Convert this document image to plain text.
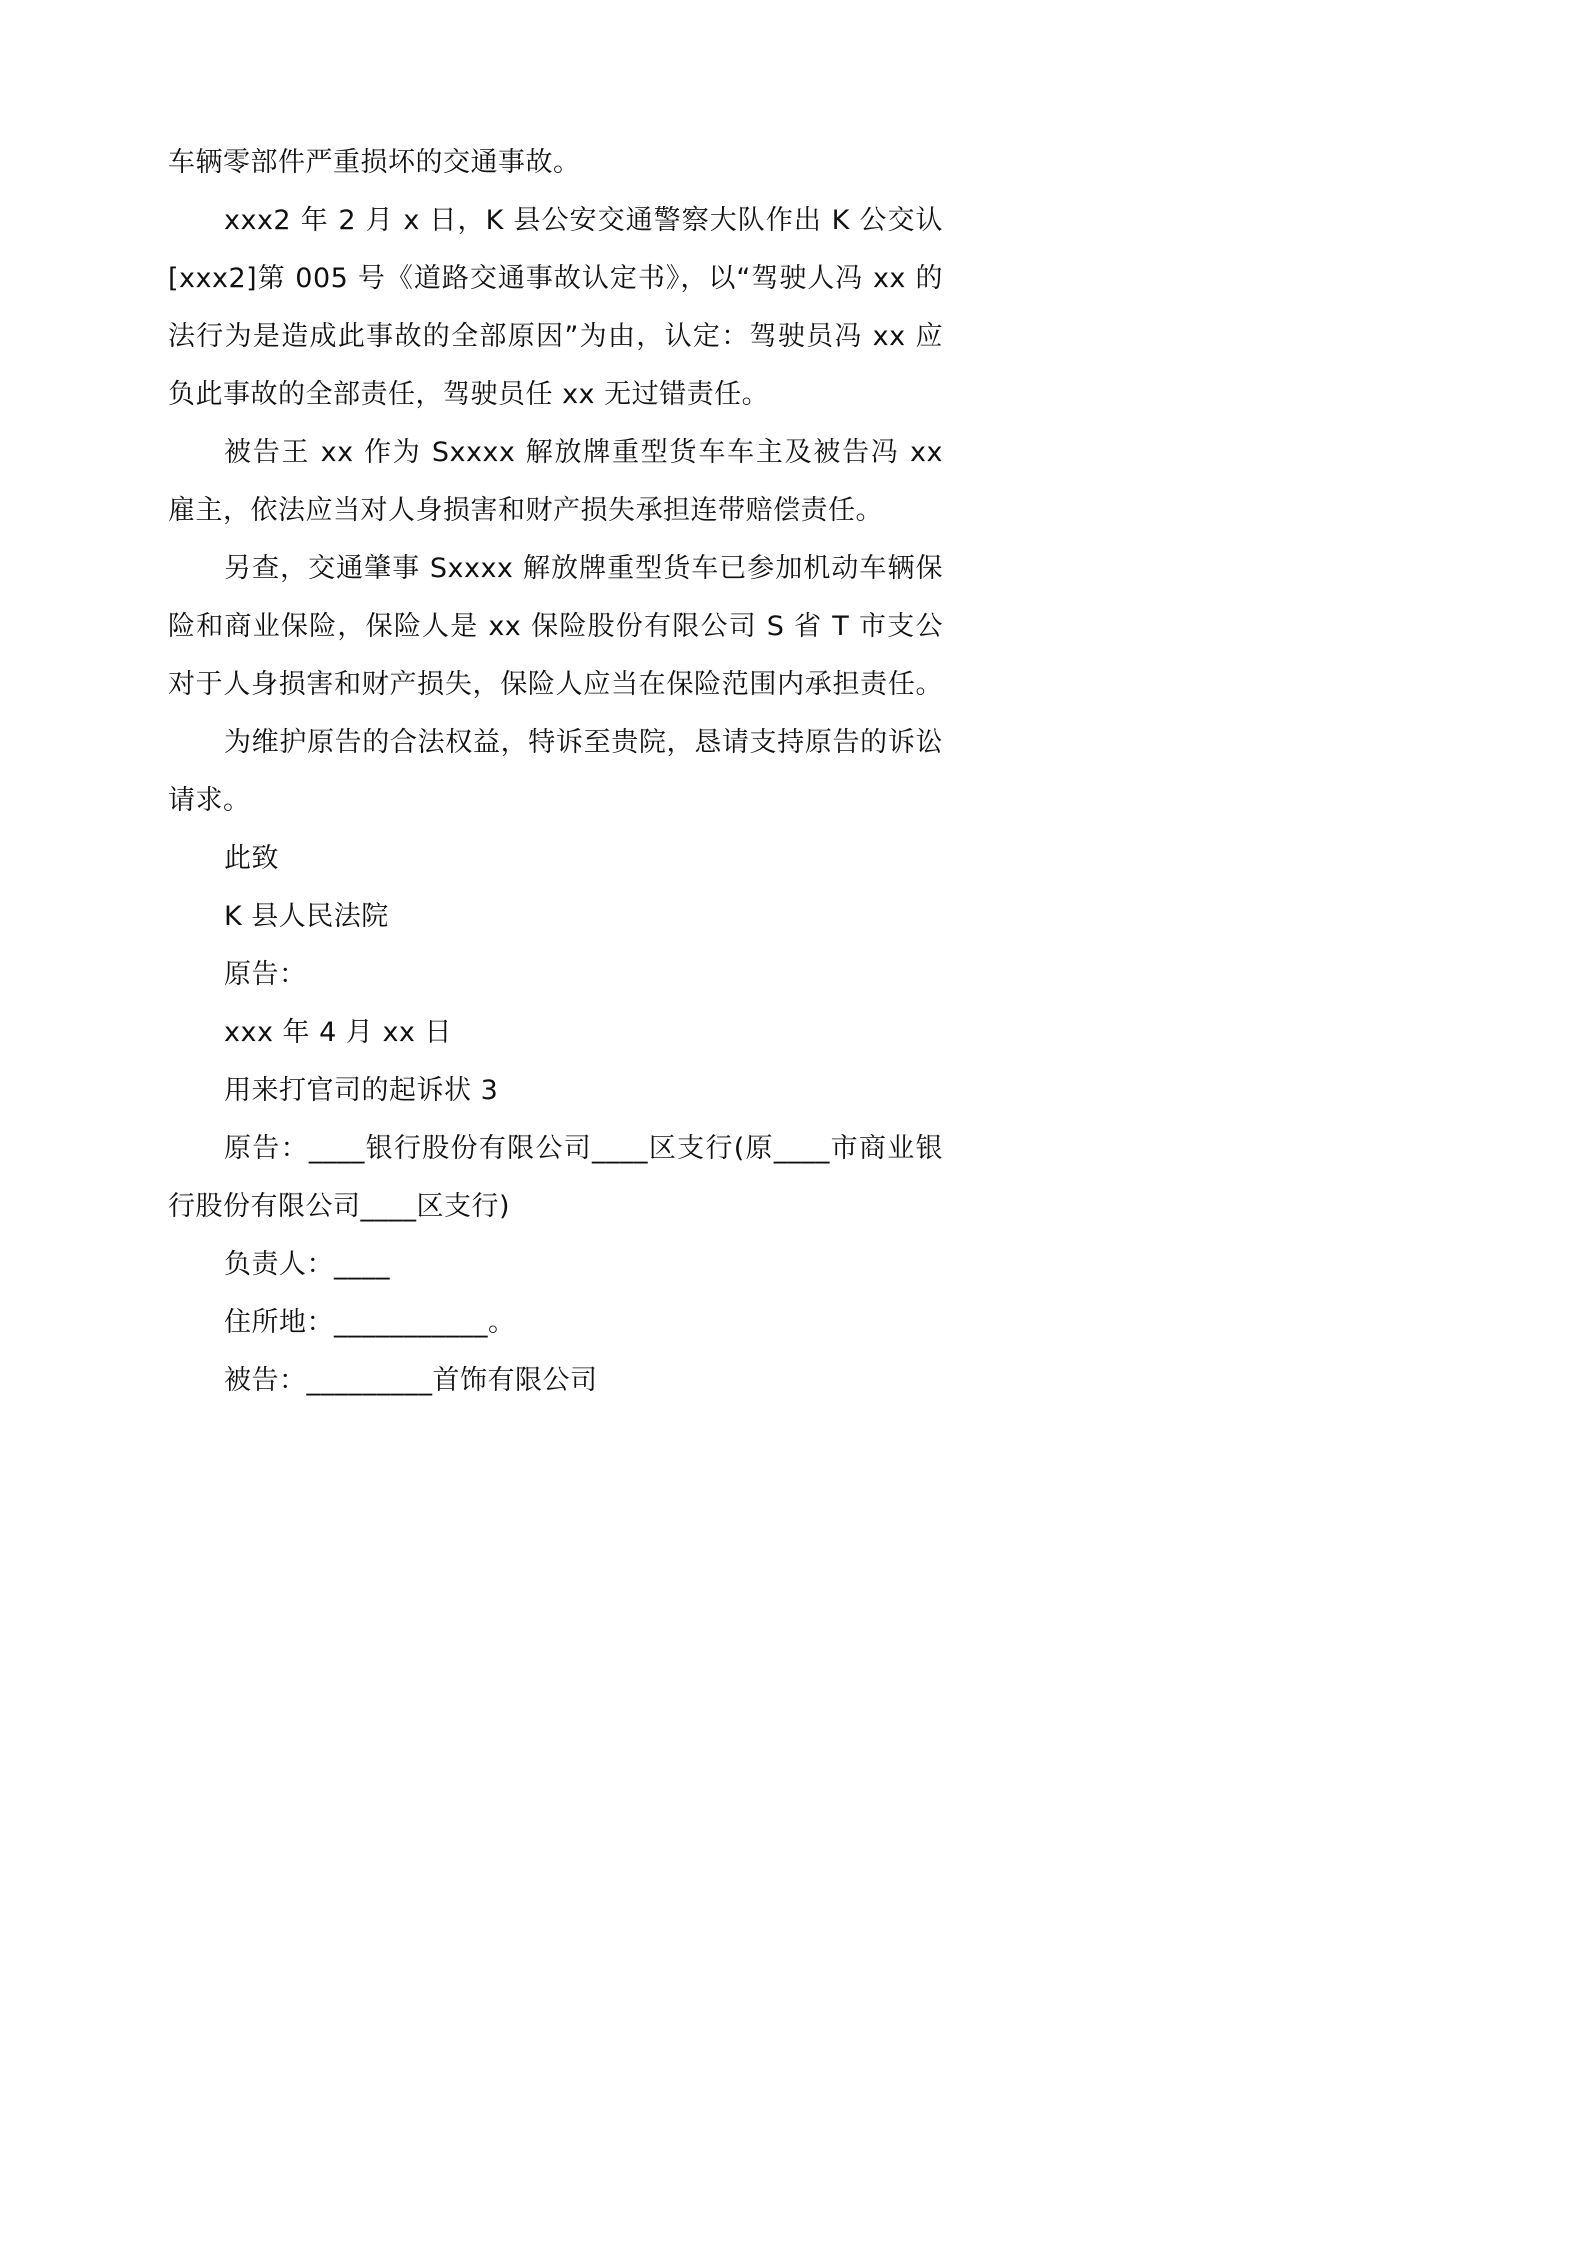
车辆零部件严重损坏的交通事故。
xxx2 年 2 月 x 日，K 县公安交通警察大队作出 K 公交认
[xxx2]第 005 号《道路交通事故认定书》，以“驾驶人冯 xx 的
法行为是造成此事故的全部原因”为由，认定：驾驶员冯 xx 应
负此事故的全部责任，驾驶员任 xx 无过错责任。
被告王 xx 作为 Sxxxx 解放牌重型货车车主及被告冯 xx
雇主，依法应当对人身损害和财产损失承担连带赔偿责任。
另查，交通肇事 Sxxxx 解放牌重型货车已参加机动车辆保
险和商业保险，保险人是 xx 保险股份有限公司 S 省 T 市支公
对于人身损害和财产损失，保险人应当在保险范围内承担责任。
为维护原告的合法权益，特诉至贵院，恳请支持原告的诉讼
请求。
此致
K 县人民法院
原告：
xxx 年 4 月 xx 日
用来打官司的起诉状 3
原告：____银行股份有限公司____区支行(原____市商业银
行股份有限公司____区支行)
负责人：____
住所地：___________。
被告：_________首饰有限公司
